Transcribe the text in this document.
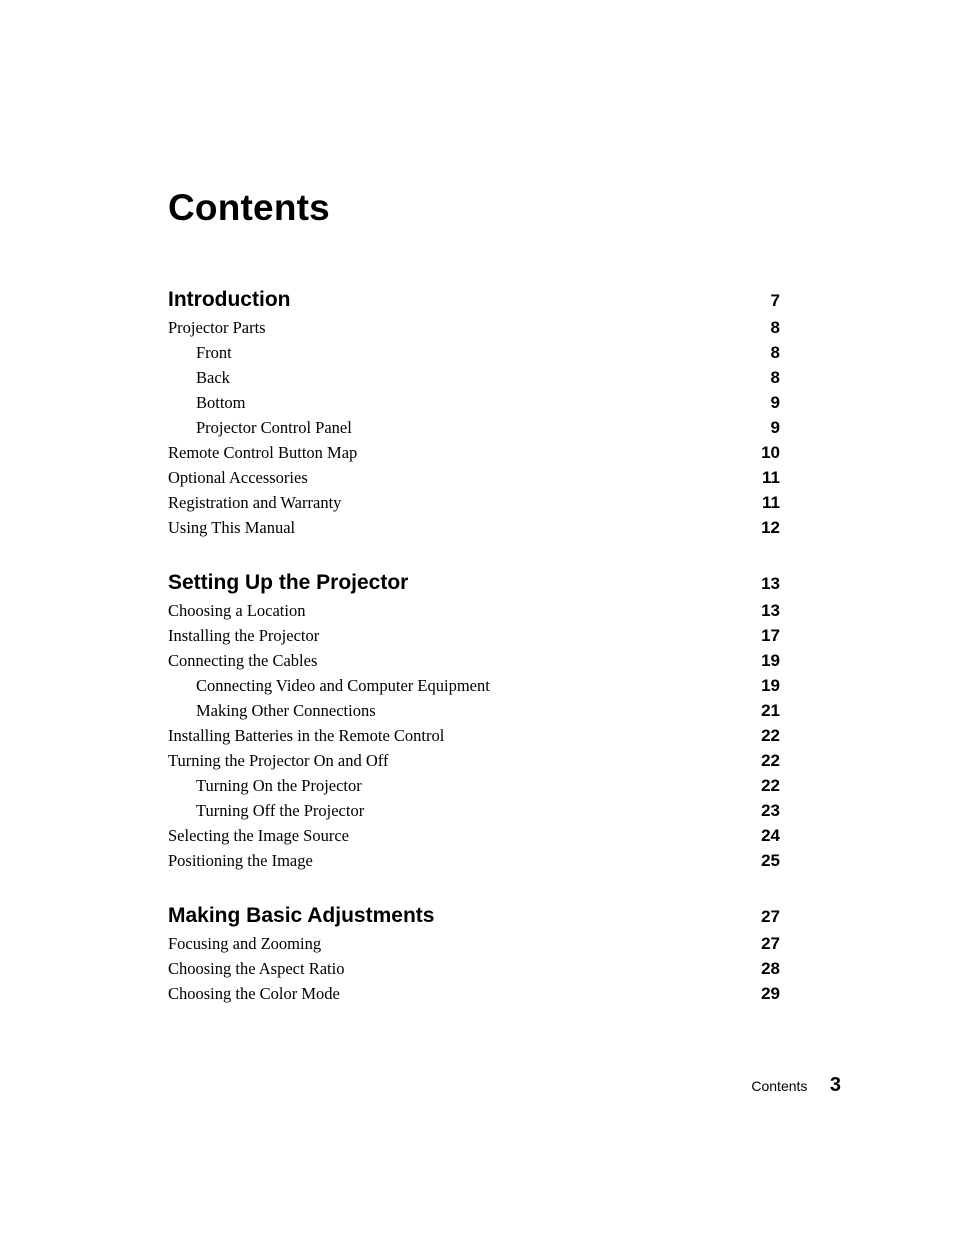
Contents
Introduction	7
Projector Parts	8
Front	8
Back	8
Bottom	9
Projector Control Panel	9
Remote Control Button Map	10
Optional Accessories	11
Registration and Warranty	11
Using This Manual	12
Setting Up the Projector	13
Choosing a Location	13
Installing the Projector	17
Connecting the Cables	19
Connecting Video and Computer Equipment	19
Making Other Connections	21
Installing Batteries in the Remote Control	22
Turning the Projector On and Off	22
Turning On the Projector	22
Turning Off the Projector	23
Selecting the Image Source	24
Positioning the Image	25
Making Basic Adjustments	27
Focusing and Zooming	27
Choosing the Aspect Ratio	28
Choosing the Color Mode	29
Contents 3
